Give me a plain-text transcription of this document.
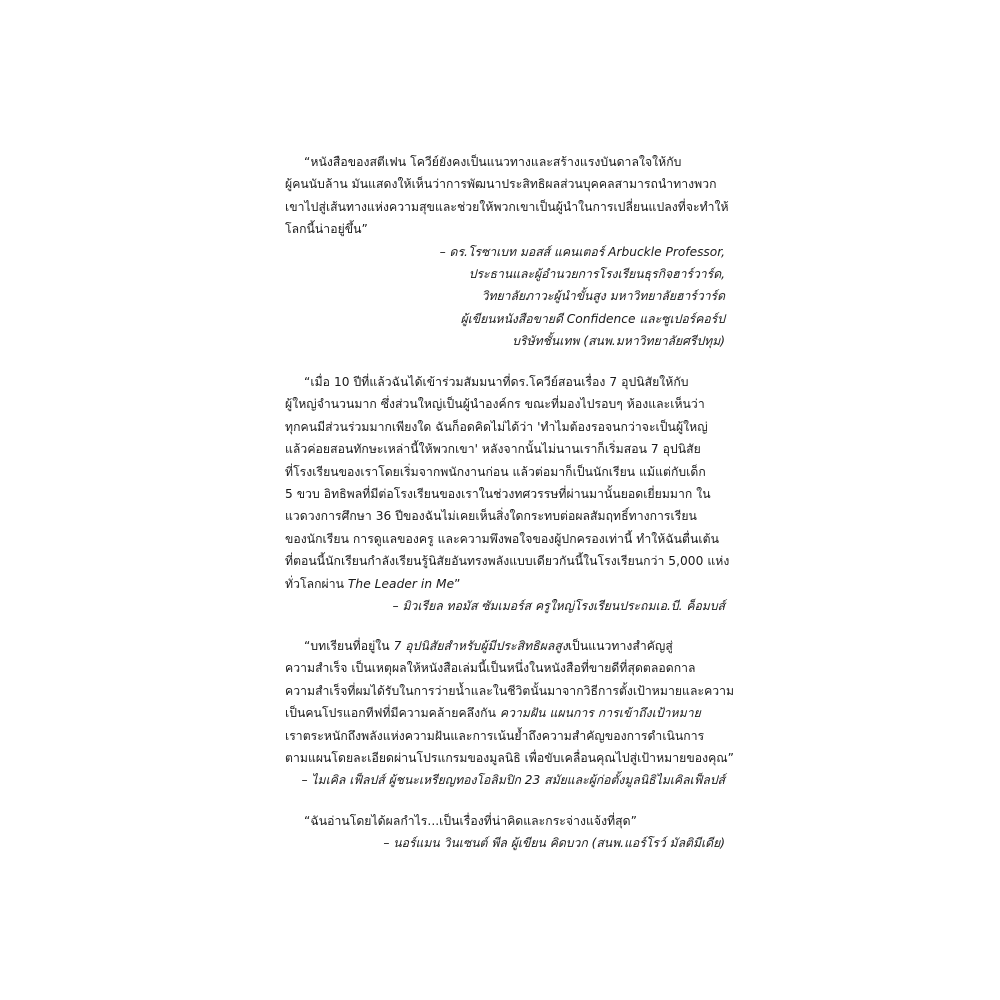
“หนังสือของสตีเฟน โควีย์ยังคงเป็นแนวทางและสร้างแรงบันดาลใจให้กับ
ผู้คนนับล้าน มันแสดงให้เห็นว่าการพัฒนาประสิทธิผลส่วนบุคคลสามารถนำทางพวก
เขาไปสู่เส้นทางแห่งความสุขและช่วยให้พวกเขาเป็นผู้นำในการเปลี่ยนแปลงที่จะทำให้
โลกนี้น่าอยู่ขึ้น”
– ดร.โรซาเบท มอสส์ แคนเตอร์ Arbuckle Professor,
ประธานและผู้อำนวยการโรงเรียนธุรกิจฮาร์วาร์ด,
วิทยาลัยภาวะผู้นำขั้นสูง มหาวิทยาลัยฮาร์วาร์ด
ผู้เขียนหนังสือขายดี Confidence และซูเปอร์คอร์ป
บริษัทชั้นเทพ (สนพ.มหาวิทยาลัยศรีปทุม)
“เมื่อ 10 ปีที่แล้วฉันได้เข้าร่วมสัมมนาที่ดร.โควีย์สอนเรื่อง 7 อุปนิสัยให้กับ
ผู้ใหญ่จำนวนมาก ซึ่งส่วนใหญ่เป็นผู้นำองค์กร ขณะที่มองไปรอบๆ ห้องและเห็นว่า
ทุกคนมีส่วนร่วมมากเพียงใด ฉันก็อดคิดไม่ได้ว่า 'ทำไมต้องรอจนกว่าจะเป็นผู้ใหญ่
แล้วค่อยสอนทักษะเหล่านี้ให้พวกเขา' หลังจากนั้นไม่นานเราก็เริ่มสอน 7 อุปนิสัย
ที่โรงเรียนของเราโดยเริ่มจากพนักงานก่อน แล้วต่อมาก็เป็นนักเรียน แม้แต่กับเด็ก
5 ขวบ อิทธิพลที่มีต่อโรงเรียนของเราในช่วงทศวรรษที่ผ่านมานั้นยอดเยี่ยมมาก ใน
แวดวงการศึกษา 36 ปีของฉันไม่เคยเห็นสิ่งใดกระทบต่อผลสัมฤทธิ์ทางการเรียน
ของนักเรียน การดูแลของครู และความพึงพอใจของผู้ปกครองเท่านี้ ทำให้ฉันตื่นเต้น
ที่ตอนนี้นักเรียนกำลังเรียนรู้นิสัยอันทรงพลังแบบเดียวกันนี้ในโรงเรียนกว่า 5,000 แห่ง
ทั่วโลกผ่าน The Leader in Me”
– มิวเรียล ทอมัส ซัมเมอร์ส ครูใหญ่โรงเรียนประถมเอ.บี. ค็อมบส์
“บทเรียนที่อยู่ใน 7 อุปนิสัยสำหรับผู้มีประสิทธิผลสูงเป็นแนวทางสำคัญสู่
ความสำเร็จ เป็นเหตุผลให้หนังสือเล่มนี้เป็นหนึ่งในหนังสือที่ขายดีที่สุดตลอดกาล
ความสำเร็จที่ผมได้รับในการว่ายน้ำและในชีวิตนั้นมาจากวิธีการตั้งเป้าหมายและความ
เป็นคนโปรแอกทีฟที่มีความคล้ายคลึงกัน ความฝัน แผนการ การเข้าถึงเป้าหมาย
เราตระหนักถึงพลังแห่งความฝันและการเน้นย้ำถึงความสำคัญของการดำเนินการ
ตามแผนโดยละเอียดผ่านโปรแกรมของมูลนิธิ เพื่อขับเคลื่อนคุณไปสู่เป้าหมายของคุณ”
– ไมเคิล เฟ็ลปส์ ผู้ชนะเหรียญทองโอลิมปิก 23 สมัยและผู้ก่อตั้งมูลนิธิไมเคิลเฟ็ลปส์
“ฉันอ่านโดยได้ผลกำไร...เป็นเรื่องที่น่าคิดและกระจ่างแจ้งที่สุด”
– นอร์แมน วินเซนต์ พีล ผู้เขียน คิดบวก (สนพ.แอร์โรว์ มัลติมีเดีย)
